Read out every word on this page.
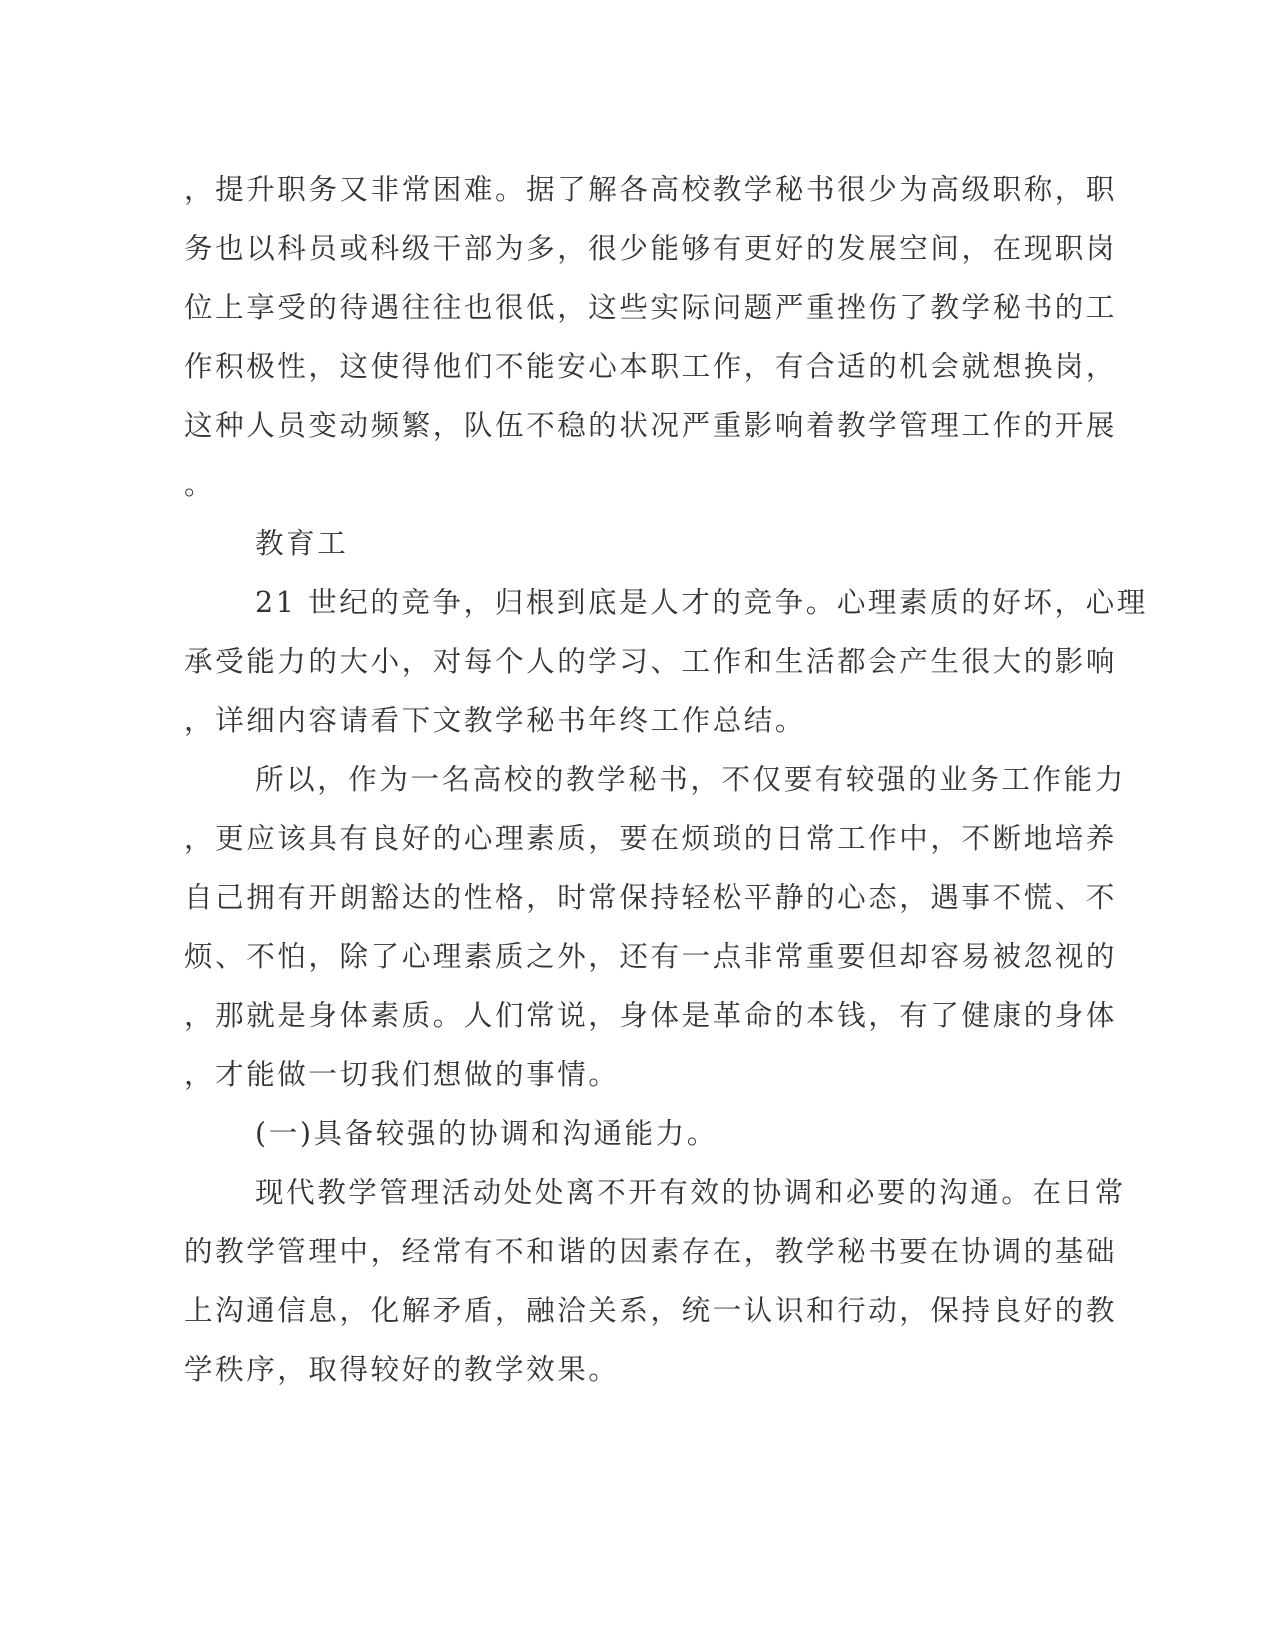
，提升职务又非常困难。据了解各高校教学秘书很少为高级职称，职
务也以科员或科级干部为多，很少能够有更好的发展空间，在现职岗
位上享受的待遇往往也很低，这些实际问题严重挫伤了教学秘书的工
作积极性，这使得他们不能安心本职工作，有合适的机会就想换岗，
这种人员变动频繁，队伍不稳的状况严重影响着教学管理工作的开展
。
教育工
21 世纪的竞争，归根到底是人才的竞争。心理素质的好坏，心理
承受能力的大小，对每个人的学习、工作和生活都会产生很大的影响
，详细内容请看下文教学秘书年终工作总结。
所以，作为一名高校的教学秘书，不仅要有较强的业务工作能力
，更应该具有良好的心理素质，要在烦琐的日常工作中，不断地培养
自己拥有开朗豁达的性格，时常保持轻松平静的心态，遇事不慌、不
烦、不怕，除了心理素质之外，还有一点非常重要但却容易被忽视的
，那就是身体素质。人们常说，身体是革命的本钱，有了健康的身体
，才能做一切我们想做的事情。
(一)具备较强的协调和沟通能力。
现代教学管理活动处处离不开有效的协调和必要的沟通。在日常
的教学管理中，经常有不和谐的因素存在，教学秘书要在协调的基础
上沟通信息，化解矛盾，融洽关系，统一认识和行动，保持良好的教
学秩序，取得较好的教学效果。
